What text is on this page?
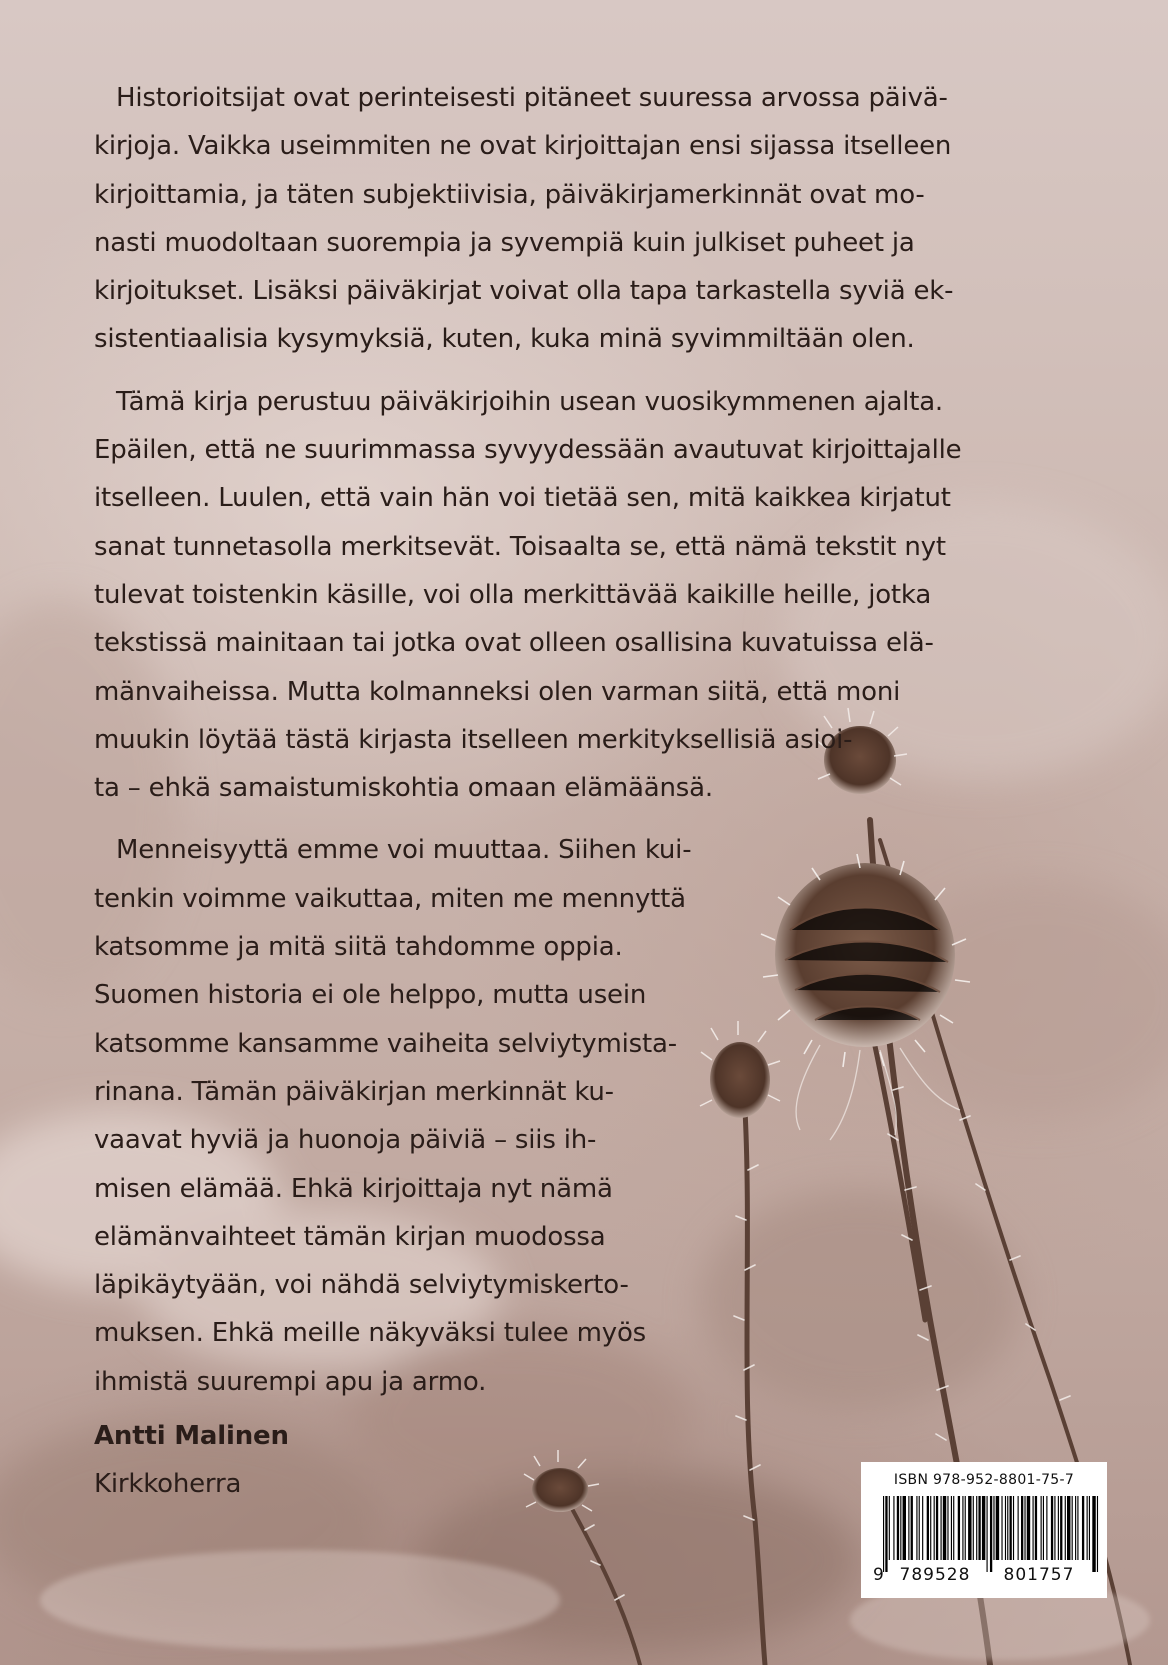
Historioitsijat ovat perinteisesti pitäneet suuressa arvossa päivä-
kirjoja. Vaikka useimmiten ne ovat kirjoittajan ensi sijassa itselleen
kirjoittamia, ja täten subjektiivisia, päiväkirjamerkinnät ovat mo-
nasti muodoltaan suorempia ja syvempiä kuin julkiset puheet ja
kirjoitukset. Lisäksi päiväkirjat voivat olla tapa tarkastella syviä ek-
sistentiaalisia kysymyksiä, kuten, kuka minä syvimmiltään olen.
Tämä kirja perustuu päiväkirjoihin usean vuosikymmenen ajalta.
Epäilen, että ne suurimmassa syvyydessään avautuvat kirjoittajalle
itselleen. Luulen, että vain hän voi tietää sen, mitä kaikkea kirjatut
sanat tunnetasolla merkitsevät. Toisaalta se, että nämä tekstit nyt
tulevat toistenkin käsille, voi olla merkittävää kaikille heille, jotka
tekstissä mainitaan tai jotka ovat olleen osallisina kuvatuissa elä-
mänvaiheissa. Mutta kolmanneksi olen varman siitä, että moni
muukin löytää tästä kirjasta itselleen merkityksellisiä asioi-
ta – ehkä samaistumiskohtia omaan elämäänsä.
Menneisyyttä emme voi muuttaa. Siihen kui-
tenkin voimme vaikuttaa, miten me mennyttä
katsomme ja mitä siitä tahdomme oppia.
Suomen historia ei ole helppo, mutta usein
katsomme kansamme vaiheita selviytymista-
rinana. Tämän päiväkirjan merkinnät ku-
vaavat hyviä ja huonoja päiviä – siis ih-
misen elämää. Ehkä kirjoittaja nyt nämä
elämänvaihteet tämän kirjan muodossa
läpikäytyään, voi nähdä selviytymiskerto-
muksen. Ehkä meille näkyväksi tulee myös
ihmistä suurempi apu ja armo.
Antti Malinen
Kirkkoherra	ISBN 978-952-8801-75-7
9 789528 801757
